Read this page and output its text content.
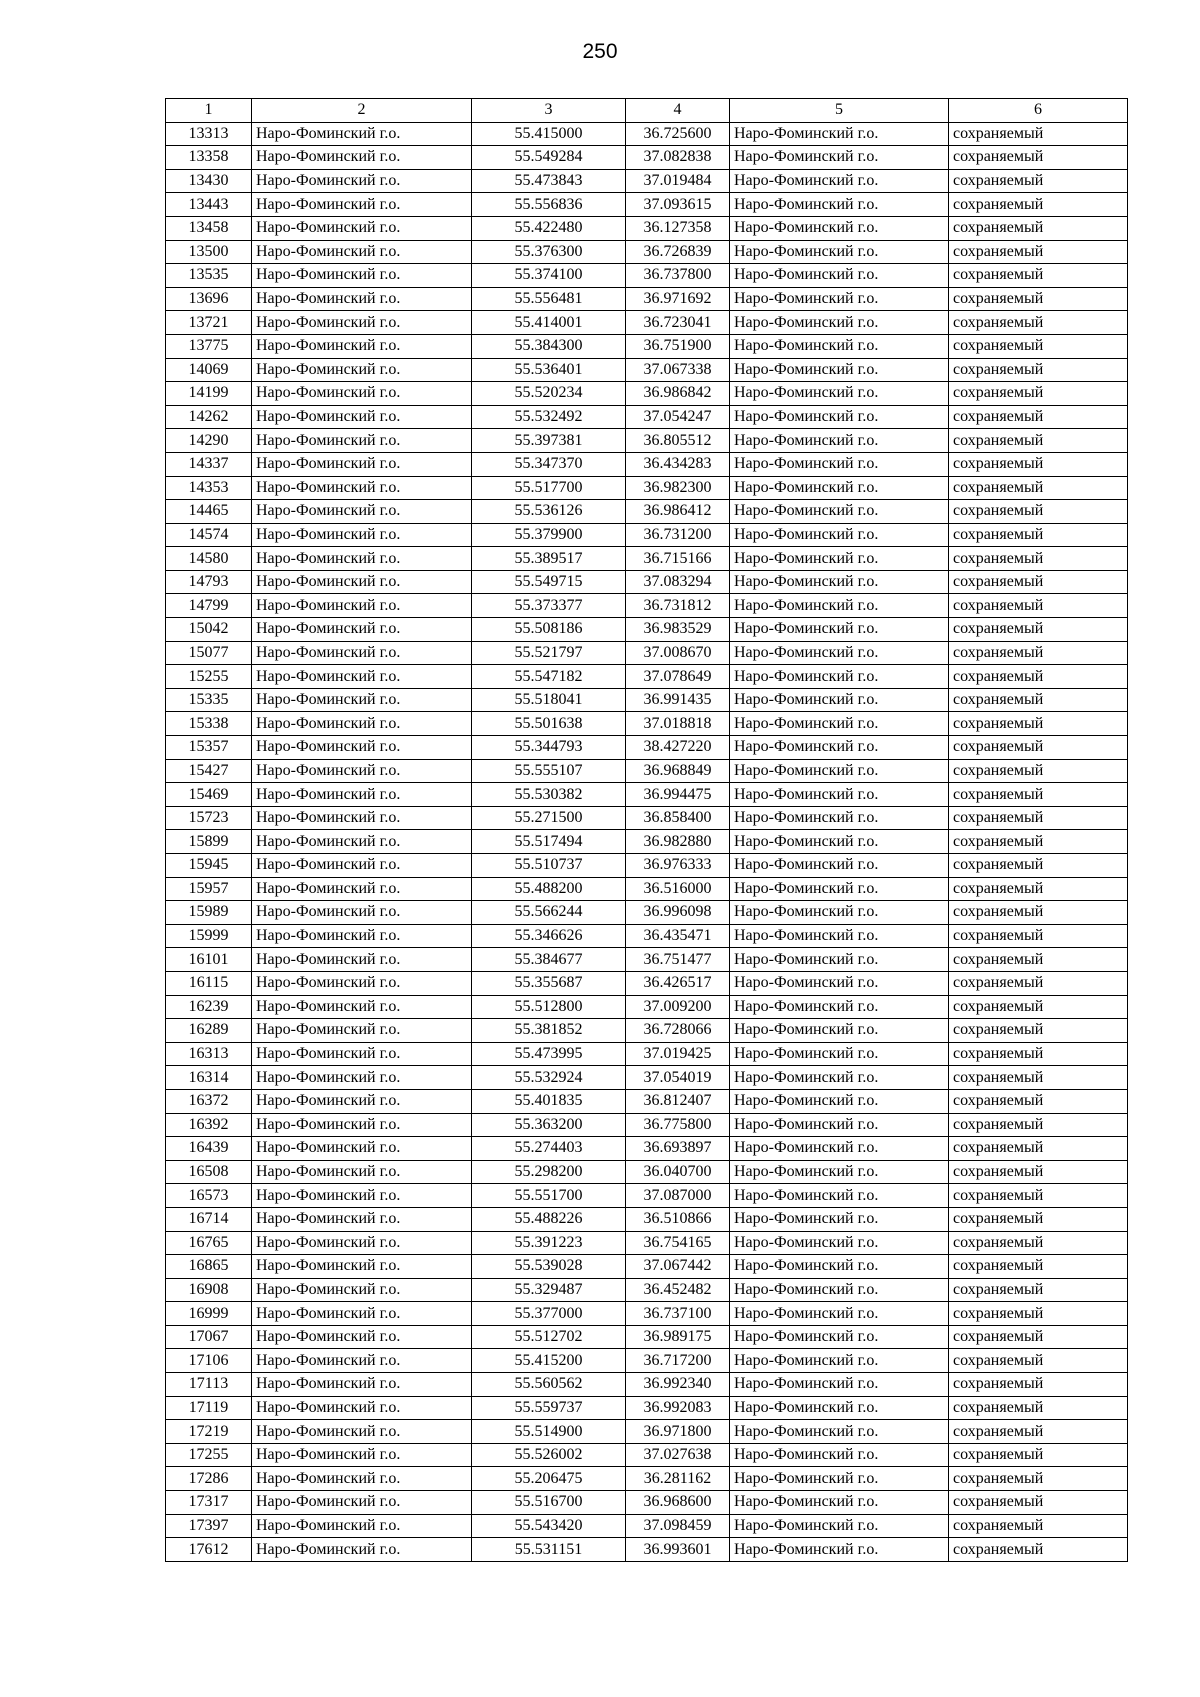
250
1	2	3	4	5	6
13313	Наро-Фоминский г.о.	55.415000	36.725600	Наро-Фоминский г.о.	сохраняемый
13358	Наро-Фоминский г.о.	55.549284	37.082838	Наро-Фоминский г.о.	сохраняемый
13430	Наро-Фоминский г.о.	55.473843	37.019484	Наро-Фоминский г.о.	сохраняемый
13443	Наро-Фоминский г.о.	55.556836	37.093615	Наро-Фоминский г.о.	сохраняемый
13458	Наро-Фоминский г.о.	55.422480	36.127358	Наро-Фоминский г.о.	сохраняемый
13500	Наро-Фоминский г.о.	55.376300	36.726839	Наро-Фоминский г.о.	сохраняемый
13535	Наро-Фоминский г.о.	55.374100	36.737800	Наро-Фоминский г.о.	сохраняемый
13696	Наро-Фоминский г.о.	55.556481	36.971692	Наро-Фоминский г.о.	сохраняемый
13721	Наро-Фоминский г.о.	55.414001	36.723041	Наро-Фоминский г.о.	сохраняемый
13775	Наро-Фоминский г.о.	55.384300	36.751900	Наро-Фоминский г.о.	сохраняемый
14069	Наро-Фоминский г.о.	55.536401	37.067338	Наро-Фоминский г.о.	сохраняемый
14199	Наро-Фоминский г.о.	55.520234	36.986842	Наро-Фоминский г.о.	сохраняемый
14262	Наро-Фоминский г.о.	55.532492	37.054247	Наро-Фоминский г.о.	сохраняемый
14290	Наро-Фоминский г.о.	55.397381	36.805512	Наро-Фоминский г.о.	сохраняемый
14337	Наро-Фоминский г.о.	55.347370	36.434283	Наро-Фоминский г.о.	сохраняемый
14353	Наро-Фоминский г.о.	55.517700	36.982300	Наро-Фоминский г.о.	сохраняемый
14465	Наро-Фоминский г.о.	55.536126	36.986412	Наро-Фоминский г.о.	сохраняемый
14574	Наро-Фоминский г.о.	55.379900	36.731200	Наро-Фоминский г.о.	сохраняемый
14580	Наро-Фоминский г.о.	55.389517	36.715166	Наро-Фоминский г.о.	сохраняемый
14793	Наро-Фоминский г.о.	55.549715	37.083294	Наро-Фоминский г.о.	сохраняемый
14799	Наро-Фоминский г.о.	55.373377	36.731812	Наро-Фоминский г.о.	сохраняемый
15042	Наро-Фоминский г.о.	55.508186	36.983529	Наро-Фоминский г.о.	сохраняемый
15077	Наро-Фоминский г.о.	55.521797	37.008670	Наро-Фоминский г.о.	сохраняемый
15255	Наро-Фоминский г.о.	55.547182	37.078649	Наро-Фоминский г.о.	сохраняемый
15335	Наро-Фоминский г.о.	55.518041	36.991435	Наро-Фоминский г.о.	сохраняемый
15338	Наро-Фоминский г.о.	55.501638	37.018818	Наро-Фоминский г.о.	сохраняемый
15357	Наро-Фоминский г.о.	55.344793	38.427220	Наро-Фоминский г.о.	сохраняемый
15427	Наро-Фоминский г.о.	55.555107	36.968849	Наро-Фоминский г.о.	сохраняемый
15469	Наро-Фоминский г.о.	55.530382	36.994475	Наро-Фоминский г.о.	сохраняемый
15723	Наро-Фоминский г.о.	55.271500	36.858400	Наро-Фоминский г.о.	сохраняемый
15899	Наро-Фоминский г.о.	55.517494	36.982880	Наро-Фоминский г.о.	сохраняемый
15945	Наро-Фоминский г.о.	55.510737	36.976333	Наро-Фоминский г.о.	сохраняемый
15957	Наро-Фоминский г.о.	55.488200	36.516000	Наро-Фоминский г.о.	сохраняемый
15989	Наро-Фоминский г.о.	55.566244	36.996098	Наро-Фоминский г.о.	сохраняемый
15999	Наро-Фоминский г.о.	55.346626	36.435471	Наро-Фоминский г.о.	сохраняемый
16101	Наро-Фоминский г.о.	55.384677	36.751477	Наро-Фоминский г.о.	сохраняемый
16115	Наро-Фоминский г.о.	55.355687	36.426517	Наро-Фоминский г.о.	сохраняемый
16239	Наро-Фоминский г.о.	55.512800	37.009200	Наро-Фоминский г.о.	сохраняемый
16289	Наро-Фоминский г.о.	55.381852	36.728066	Наро-Фоминский г.о.	сохраняемый
16313	Наро-Фоминский г.о.	55.473995	37.019425	Наро-Фоминский г.о.	сохраняемый
16314	Наро-Фоминский г.о.	55.532924	37.054019	Наро-Фоминский г.о.	сохраняемый
16372	Наро-Фоминский г.о.	55.401835	36.812407	Наро-Фоминский г.о.	сохраняемый
16392	Наро-Фоминский г.о.	55.363200	36.775800	Наро-Фоминский г.о.	сохраняемый
16439	Наро-Фоминский г.о.	55.274403	36.693897	Наро-Фоминский г.о.	сохраняемый
16508	Наро-Фоминский г.о.	55.298200	36.040700	Наро-Фоминский г.о.	сохраняемый
16573	Наро-Фоминский г.о.	55.551700	37.087000	Наро-Фоминский г.о.	сохраняемый
16714	Наро-Фоминский г.о.	55.488226	36.510866	Наро-Фоминский г.о.	сохраняемый
16765	Наро-Фоминский г.о.	55.391223	36.754165	Наро-Фоминский г.о.	сохраняемый
16865	Наро-Фоминский г.о.	55.539028	37.067442	Наро-Фоминский г.о.	сохраняемый
16908	Наро-Фоминский г.о.	55.329487	36.452482	Наро-Фоминский г.о.	сохраняемый
16999	Наро-Фоминский г.о.	55.377000	36.737100	Наро-Фоминский г.о.	сохраняемый
17067	Наро-Фоминский г.о.	55.512702	36.989175	Наро-Фоминский г.о.	сохраняемый
17106	Наро-Фоминский г.о.	55.415200	36.717200	Наро-Фоминский г.о.	сохраняемый
17113	Наро-Фоминский г.о.	55.560562	36.992340	Наро-Фоминский г.о.	сохраняемый
17119	Наро-Фоминский г.о.	55.559737	36.992083	Наро-Фоминский г.о.	сохраняемый
17219	Наро-Фоминский г.о.	55.514900	36.971800	Наро-Фоминский г.о.	сохраняемый
17255	Наро-Фоминский г.о.	55.526002	37.027638	Наро-Фоминский г.о.	сохраняемый
17286	Наро-Фоминский г.о.	55.206475	36.281162	Наро-Фоминский г.о.	сохраняемый
17317	Наро-Фоминский г.о.	55.516700	36.968600	Наро-Фоминский г.о.	сохраняемый
17397	Наро-Фоминский г.о.	55.543420	37.098459	Наро-Фоминский г.о.	сохраняемый
17612	Наро-Фоминский г.о.	55.531151	36.993601	Наро-Фоминский г.о.	сохраняемый
